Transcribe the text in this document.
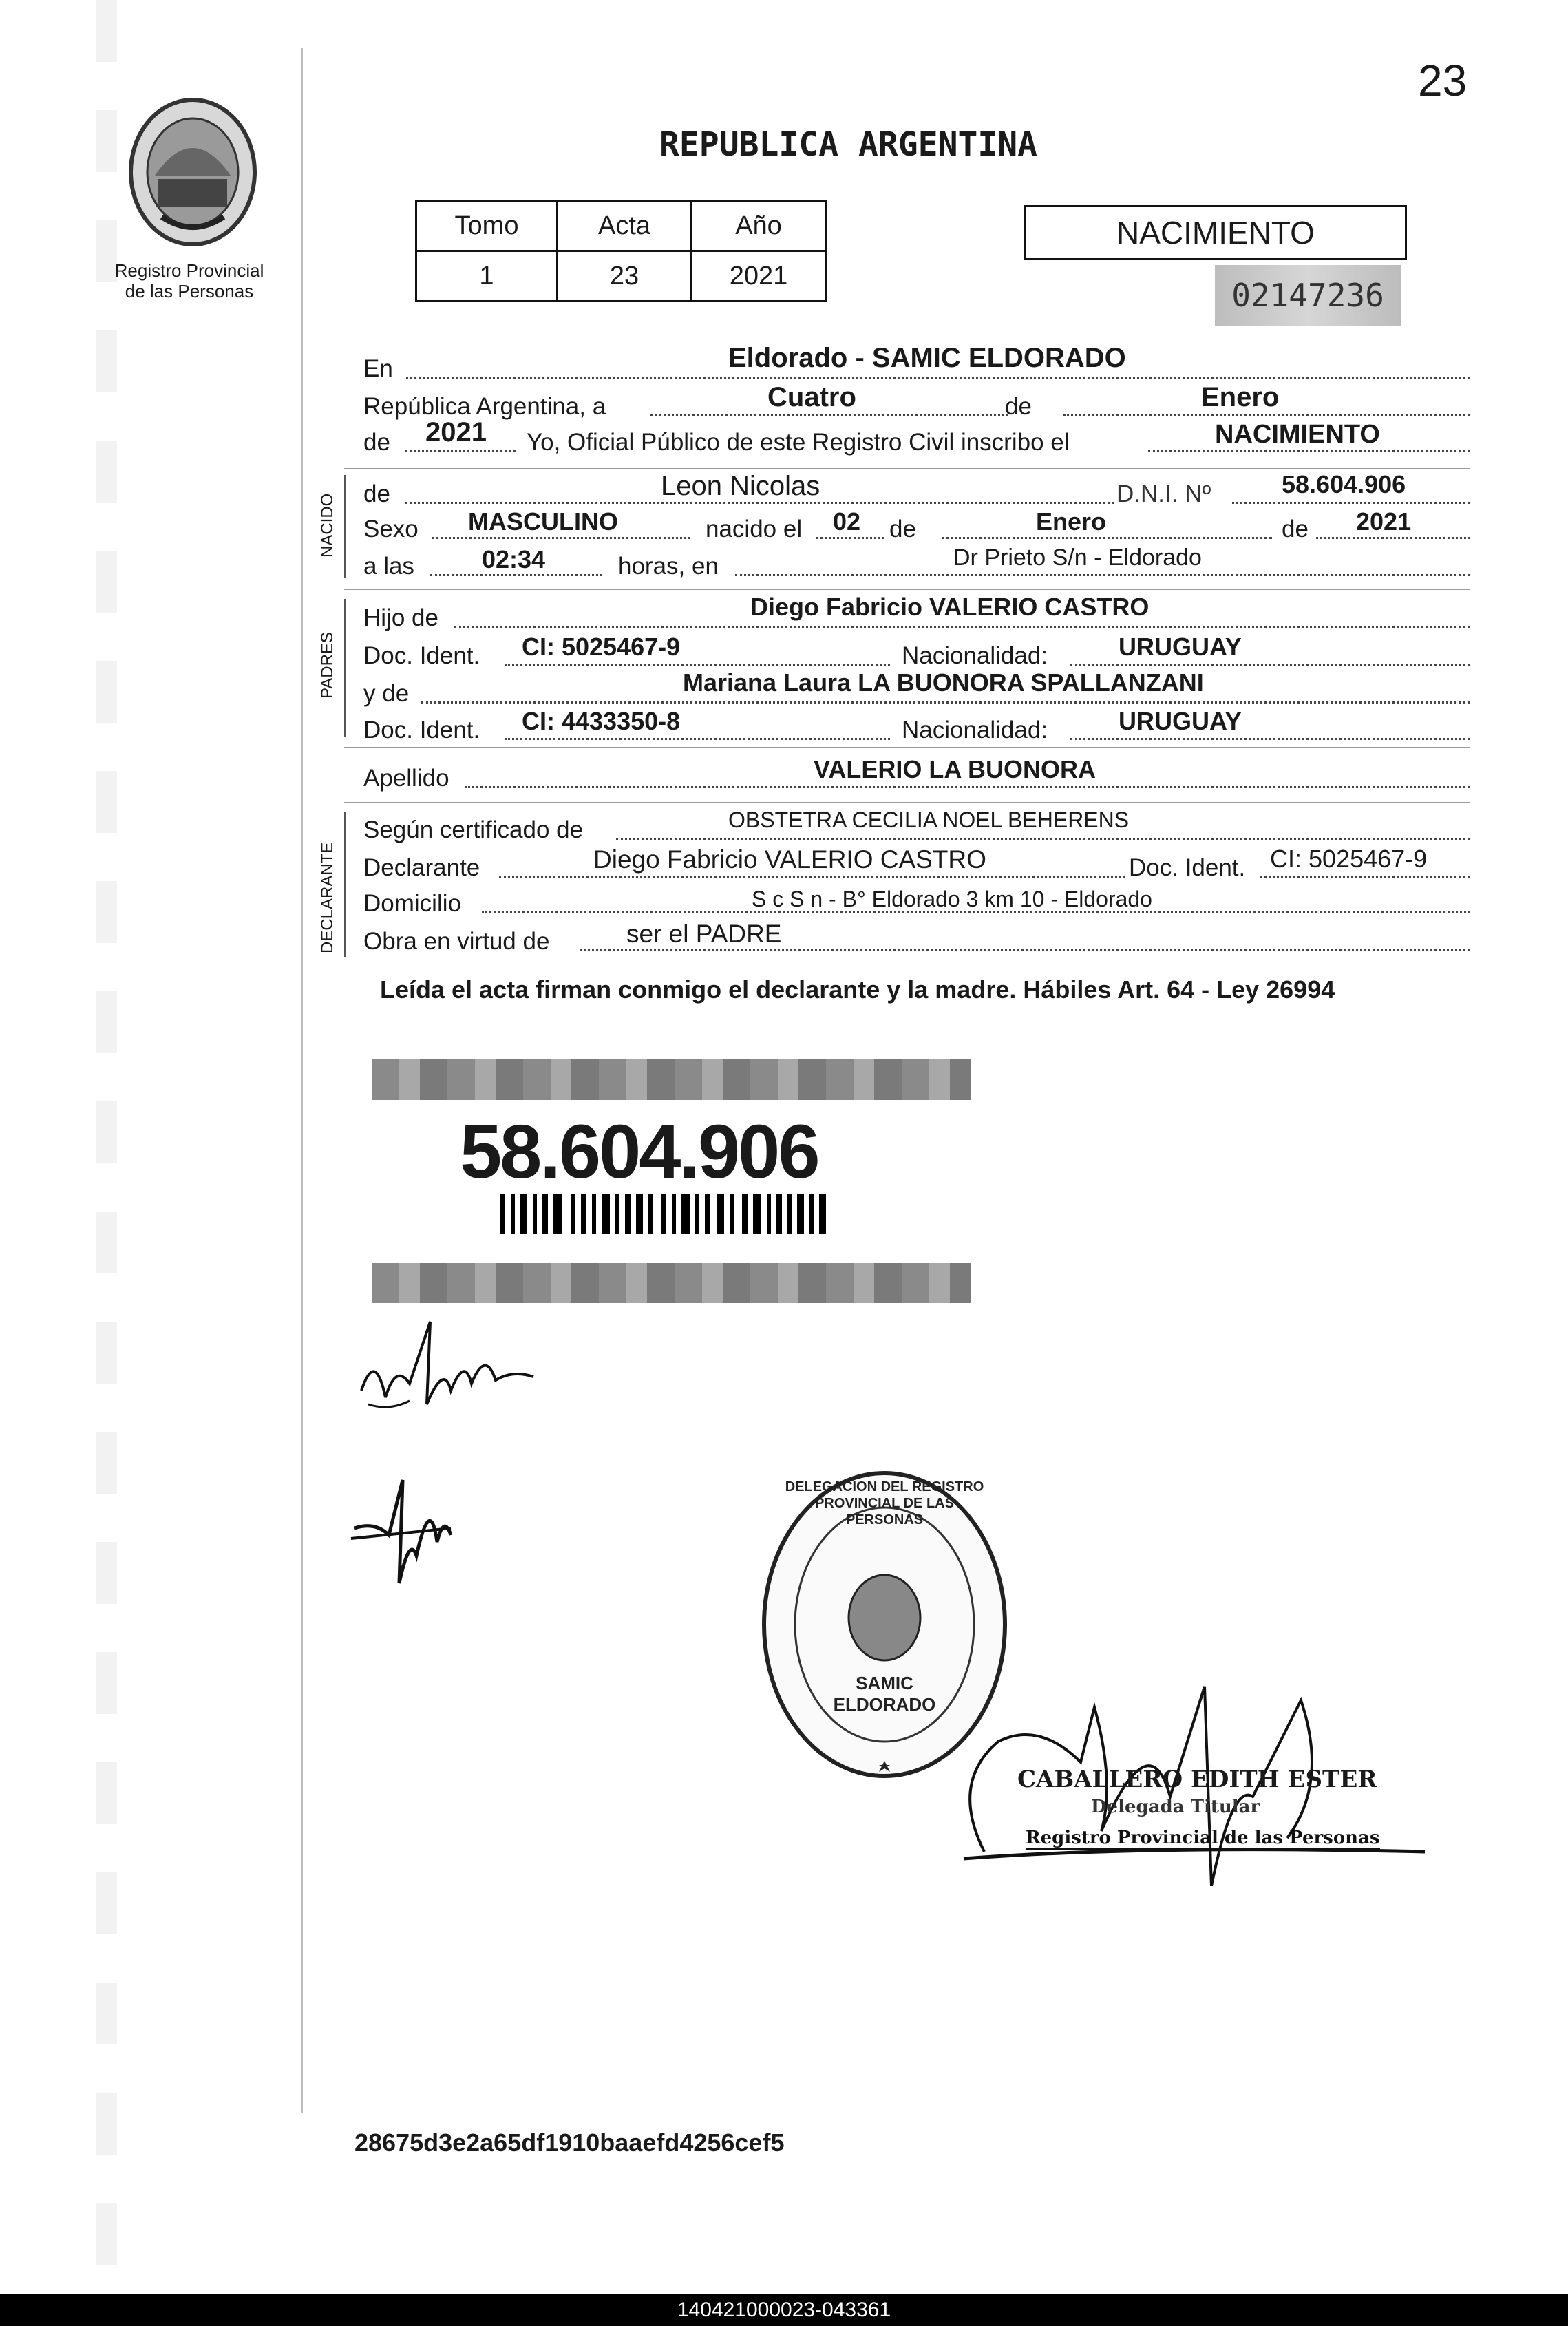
23
Registro Provincial
de las Personas
REPUBLICA ARGENTINA
Tomo	Acta	Año
1	23	2021
NACIMIENTO
02147236
En	Eldorado - SAMIC ELDORADO
República Argentina, a	Cuatro	de	Enero
de 2021 Yo, Oficial Público de este Registro Civil inscribo el	NACIMIENTO
NACIDO de	Leon Nicolas	D.N.I. Nº	58.604.906
Sexo MASCULINO	nacido el 02 de	Enero	de 2021
a las	02:34	horas, en	Dr Prieto S/n - Eldorado
PADRES
Hijo de	Diego Fabricio VALERIO CASTRO
Doc. Ident. CI: 5025467-9	Nacionalidad:	URUGUAY
y de	Mariana Laura LA BUONORA SPALLANZANI
Doc. Ident. CI: 4433350-8	Nacionalidad:	URUGUAY
Apellido	VALERIO LA BUONORA
DECLARANTE
Según certificado de	OBSTETRA CECILIA NOEL BEHERENS
Declarante	Diego Fabricio VALERIO CASTRO	Doc. Ident. CI: 5025467-9
Domicilio	S c S n - B° Eldorado 3 km 10 - Eldorado
Obra en virtud de	ser el PADRE
Leída el acta firman conmigo el declarante y la madre. Hábiles Art. 64 - Ley 26994
58.604.906
DELEGACION DEL REGISTRO PROVINCIAL DE LAS PERSONAS
SAMIC ELDORADO
CABALLERO EDITH ESTER
Delegada Titular
Registro Provincial de las Personas
28675d3e2a65df1910baaefd4256cef5
140421000023-043361
